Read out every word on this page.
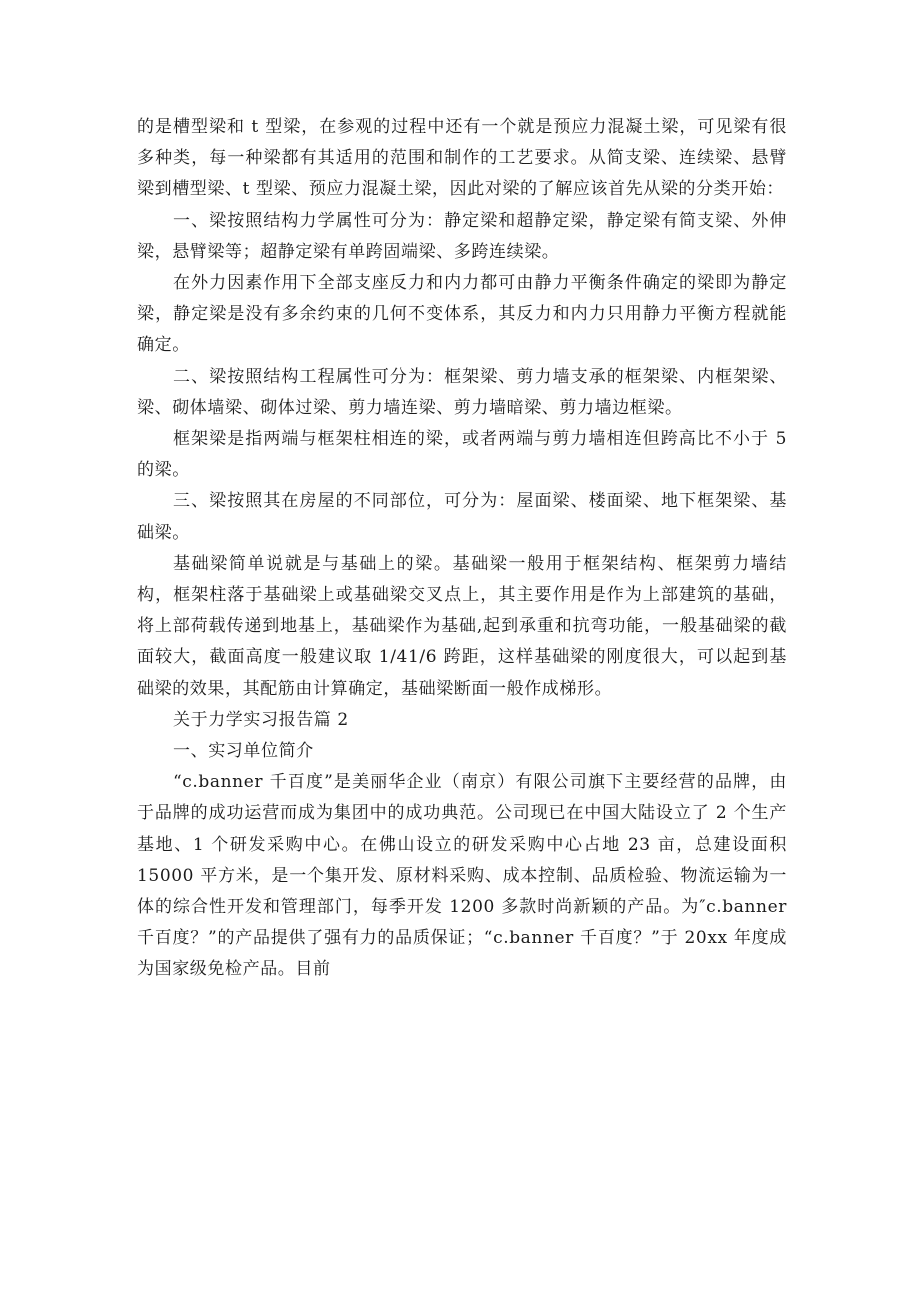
的是槽型梁和 t 型梁，在参观的过程中还有一个就是预应力混凝土梁，可见梁有很多种类，每一种梁都有其适用的范围和制作的工艺要求。从简支梁、连续梁、悬臂梁到槽型梁、t 型梁、预应力混凝土梁，因此对梁的了解应该首先从梁的分类开始：

一、梁按照结构力学属性可分为：静定梁和超静定梁，静定梁有简支梁、外伸梁，悬臂梁等；超静定梁有单跨固端梁、多跨连续梁。

在外力因素作用下全部支座反力和内力都可由静力平衡条件确定的梁即为静定梁，静定梁是没有多余约束的几何不变体系，其反力和内力只用静力平衡方程就能确定。

二、梁按照结构工程属性可分为：框架梁、剪力墙支承的框架梁、内框架梁、梁、砌体墙梁、砌体过梁、剪力墙连梁、剪力墙暗梁、剪力墙边框梁。

框架梁是指两端与框架柱相连的梁，或者两端与剪力墙相连但跨高比不小于 5 的梁。

三、梁按照其在房屋的不同部位，可分为：屋面梁、楼面梁、地下框架梁、基础梁。

基础梁简单说就是与基础上的梁。基础梁一般用于框架结构、框架剪力墙结构，框架柱落于基础梁上或基础梁交叉点上，其主要作用是作为上部建筑的基础，将上部荷载传递到地基上，基础梁作为基础,起到承重和抗弯功能，一般基础梁的截面较大，截面高度一般建议取 1/41/6 跨距，这样基础梁的刚度很大，可以起到基础梁的效果，其配筋由计算确定，基础梁断面一般作成梯形。

关于力学实习报告篇 2

一、实习单位简介

“c.banner 千百度”是美丽华企业（南京）有限公司旗下主要经营的品牌，由于品牌的成功运营而成为集团中的成功典范。公司现已在中国大陆设立了 2 个生产基地、1 个研发采购中心。在佛山设立的研发采购中心占地 23 亩，总建设面积 15000 平方米，是一个集开发、原材料采购、成本控制、品质检验、物流运输为一体的综合性开发和管理部门，每季开发 1200 多款时尚新颖的产品。为″c.banner 千百度？”的产品提供了强有力的品质保证；“c.banner 千百度？”于 20xx 年度成为国家级免检产品。目前
